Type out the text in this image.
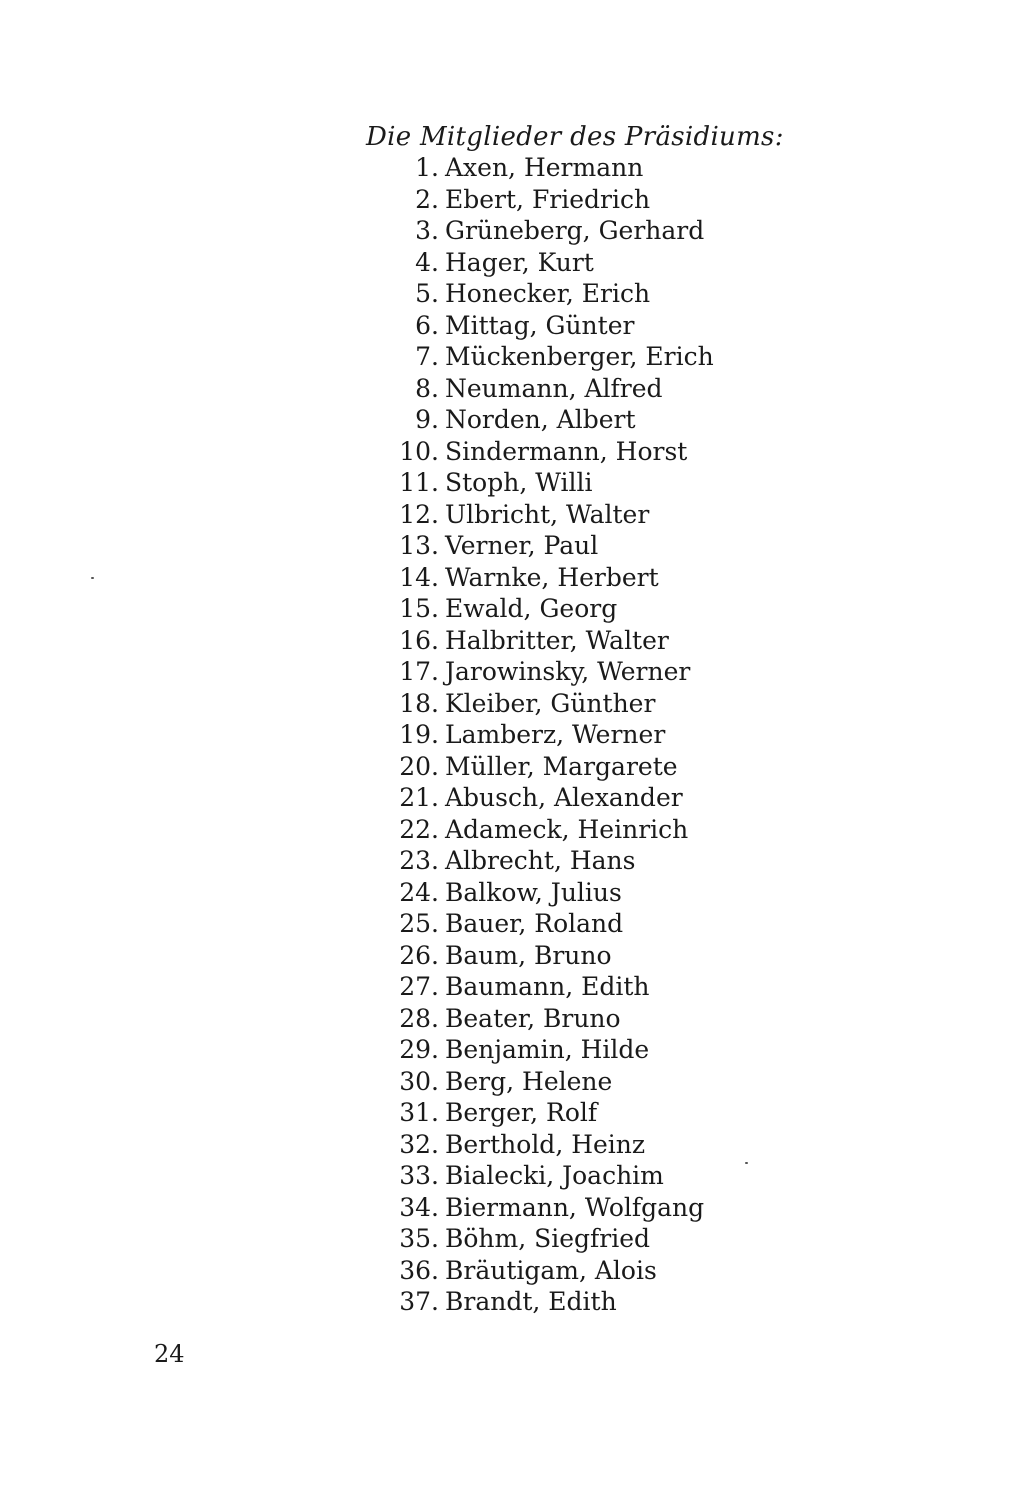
Die Mitglieder des Präsidiums:
1. Axen, Hermann
2. Ebert, Friedrich
3. Grüneberg, Gerhard
4. Hager, Kurt
5. Honecker, Erich
6. Mittag, Günter
7. Mückenberger, Erich
8. Neumann, Alfred
9. Norden, Albert
10. Sindermann, Horst
11. Stoph, Willi
12. Ulbricht, Walter
13. Verner, Paul
14. Warnke, Herbert
15. Ewald, Georg
16. Halbritter, Walter
17. Jarowinsky, Werner
18. Kleiber, Günther
19. Lamberz, Werner
20. Müller, Margarete
21. Abusch, Alexander
22. Adameck, Heinrich
23. Albrecht, Hans
24. Balkow, Julius
25. Bauer, Roland
26. Baum, Bruno
27. Baumann, Edith
28. Beater, Bruno
29. Benjamin, Hilde
30. Berg, Helene
31. Berger, Rolf
32. Berthold, Heinz
33. Bialecki, Joachim
34. Biermann, Wolfgang
35. Böhm, Siegfried
36. Bräutigam, Alois
37. Brandt, Edith
24
